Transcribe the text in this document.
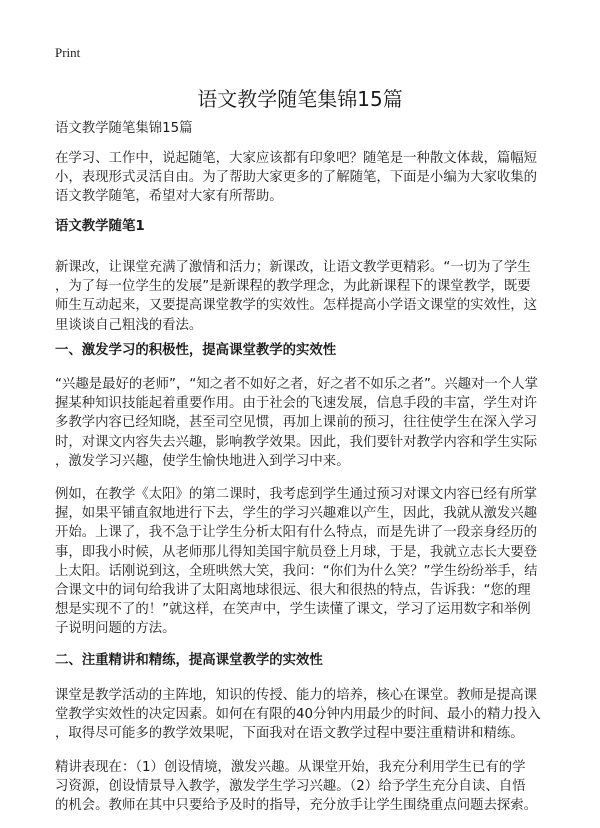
Print
语文教学随笔集锦15篇
语文教学随笔集锦15篇
在学习、工作中，说起随笔，大家应该都有印象吧？随笔是一种散文体裁，篇幅短
小，表现形式灵活自由。为了帮助大家更多的了解随笔，下面是小编为大家收集的
语文教学随笔，希望对大家有所帮助。
语文教学随笔1
新课改，让课堂充满了激情和活力；新课改，让语文教学更精彩。“一切为了学生
，为了每一位学生的发展”是新课程的教学理念，为此新课程下的课堂教学，既要
师生互动起来，又要提高课堂教学的实效性。怎样提高小学语文课堂的实效性，这
里谈谈自己粗浅的看法。
一、激发学习的积极性，提高课堂教学的实效性
“兴趣是最好的老师”，“知之者不如好之者，好之者不如乐之者”。兴趣对一个人掌
握某种知识技能起着重要作用。由于社会的飞速发展，信息手段的丰富，学生对许
多教学内容已经知晓，甚至司空见惯，再加上课前的预习，往往使学生在深入学习
时，对课文内容失去兴趣，影响教学效果。因此，我们要针对教学内容和学生实际
，激发学习兴趣，使学生愉快地进入到学习中来。
例如，在教学《太阳》的第二课时，我考虑到学生通过预习对课文内容已经有所掌
握，如果平铺直叙地进行下去，学生的学习兴趣难以产生，因此，我就从激发兴趣
开始。上课了，我不急于让学生分析太阳有什么特点，而是先讲了一段亲身经历的
事，即我小时候，从老师那儿得知美国宇航员登上月球，于是，我就立志长大要登
上太阳。话刚说到这，全班哄然大笑，我问：“你们为什么笑？”学生纷纷举手，结
合课文中的词句给我讲了太阳离地球很远、很大和很热的特点，告诉我：“您的理
想是实现不了的！”就这样，在笑声中，学生读懂了课文，学习了运用数字和举例
子说明问题的方法。
二、注重精讲和精练，提高课堂教学的实效性
课堂是教学活动的主阵地，知识的传授、能力的培养，核心在课堂。教师是提高课
堂教学实效性的决定因素。如何在有限的40分钟内用最少的时间、最小的精力投入
，取得尽可能多的教学效果呢，下面我对在语文教学过程中要注重精讲和精练。
精讲表现在：（1）创设情境，激发兴趣。从课堂开始，我充分利用学生已有的学
习资源，创设情景导入教学，激发学生学习兴趣。（2）给予学生充分自读、自悟
的机会。教师在其中只要给予及时的指导，充分放手让学生围绕重点问题去探索。
